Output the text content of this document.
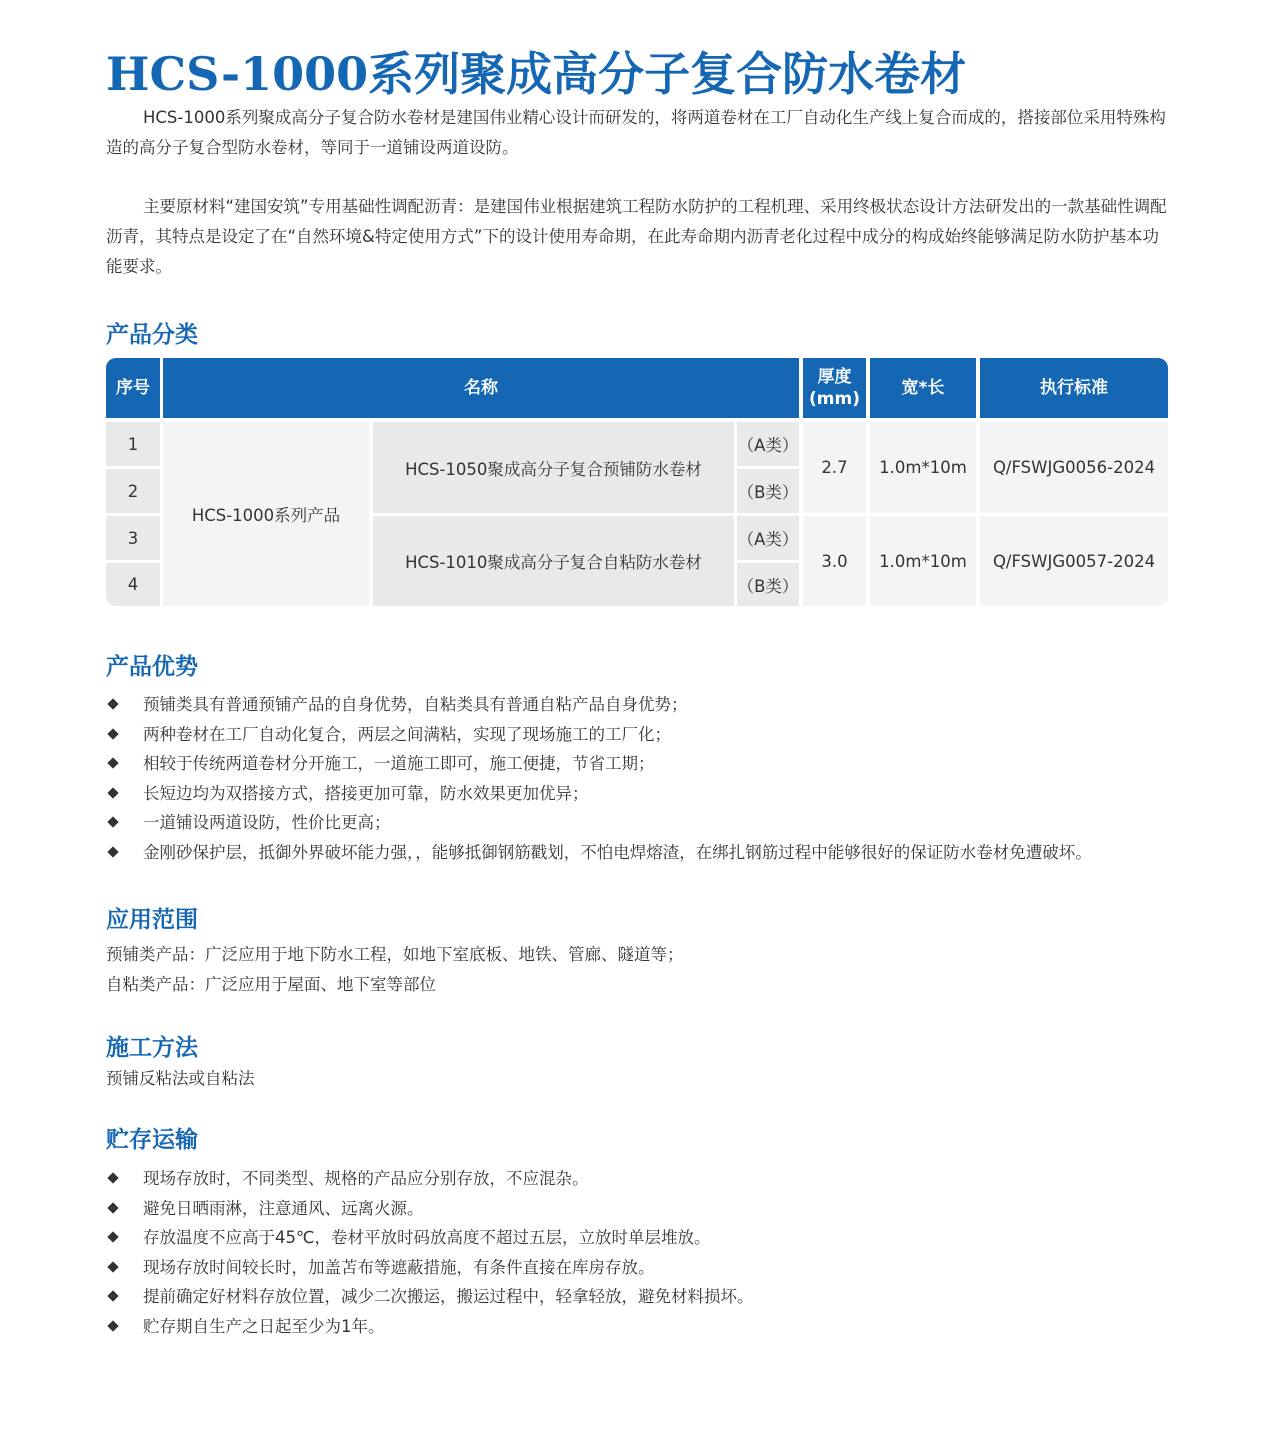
HCS-1000系列聚成高分子复合防水卷材

HCS-1000系列聚成高分子复合防水卷材是建国伟业精心设计而研发的，将两道卷材在工厂自动化生产线上复合而成的，搭接部位采用特殊构造的高分子复合型防水卷材，等同于一道铺设两道设防。

主要原材料“建国安筑”专用基础性调配沥青：是建国伟业根据建筑工程防水防护的工程机理、采用终极状态设计方法研发出的一款基础性调配沥青，其特点是设定了在“自然环境&特定使用方式”下的设计使用寿命期，在此寿命期内沥青老化过程中成分的构成始终能够满足防水防护基本功能要求。

产品分类
序号	名称
厚度(mm)
宽*长	执行标准
1
2
3
4
HCS-1000系列产品
HCS-1050聚成高分子复合预铺防水卷材
HCS-1010聚成高分子复合自粘防水卷材
（A类）
（B类）
（A类）
（B类）
2.7
3.0
1.0m*10m
1.0m*10m
Q/FSWJG0056-2024
Q/FSWJG0057-2024
产品优势
预铺类具有普通预铺产品的自身优势，自粘类具有普通自粘产品自身优势；
两种卷材在工厂自动化复合，两层之间满粘，实现了现场施工的工厂化；
相较于传统两道卷材分开施工，一道施工即可，施工便捷，节省工期；
长短边均为双搭接方式，搭接更加可靠，防水效果更加优异；
一道铺设两道设防，性价比更高；
金刚砂保护层，抵御外界破坏能力强，，能够抵御钢筋戳划，不怕电焊熔渣，在绑扎钢筋过程中能够很好的保证防水卷材免遭破坏。
应用范围
预铺类产品：广泛应用于地下防水工程，如地下室底板、地铁、管廊、隧道等；
自粘类产品：广泛应用于屋面、地下室等部位
施工方法
预铺反粘法或自粘法
贮存运输
现场存放时，不同类型、规格的产品应分别存放，不应混杂。
避免日晒雨淋，注意通风、远离火源。
存放温度不应高于45℃，卷材平放时码放高度不超过五层，立放时单层堆放。
现场存放时间较长时，加盖苫布等遮蔽措施，有条件直接在库房存放。
提前确定好材料存放位置，减少二次搬运，搬运过程中，轻拿轻放，避免材料损坏。
贮存期自生产之日起至少为1年。
